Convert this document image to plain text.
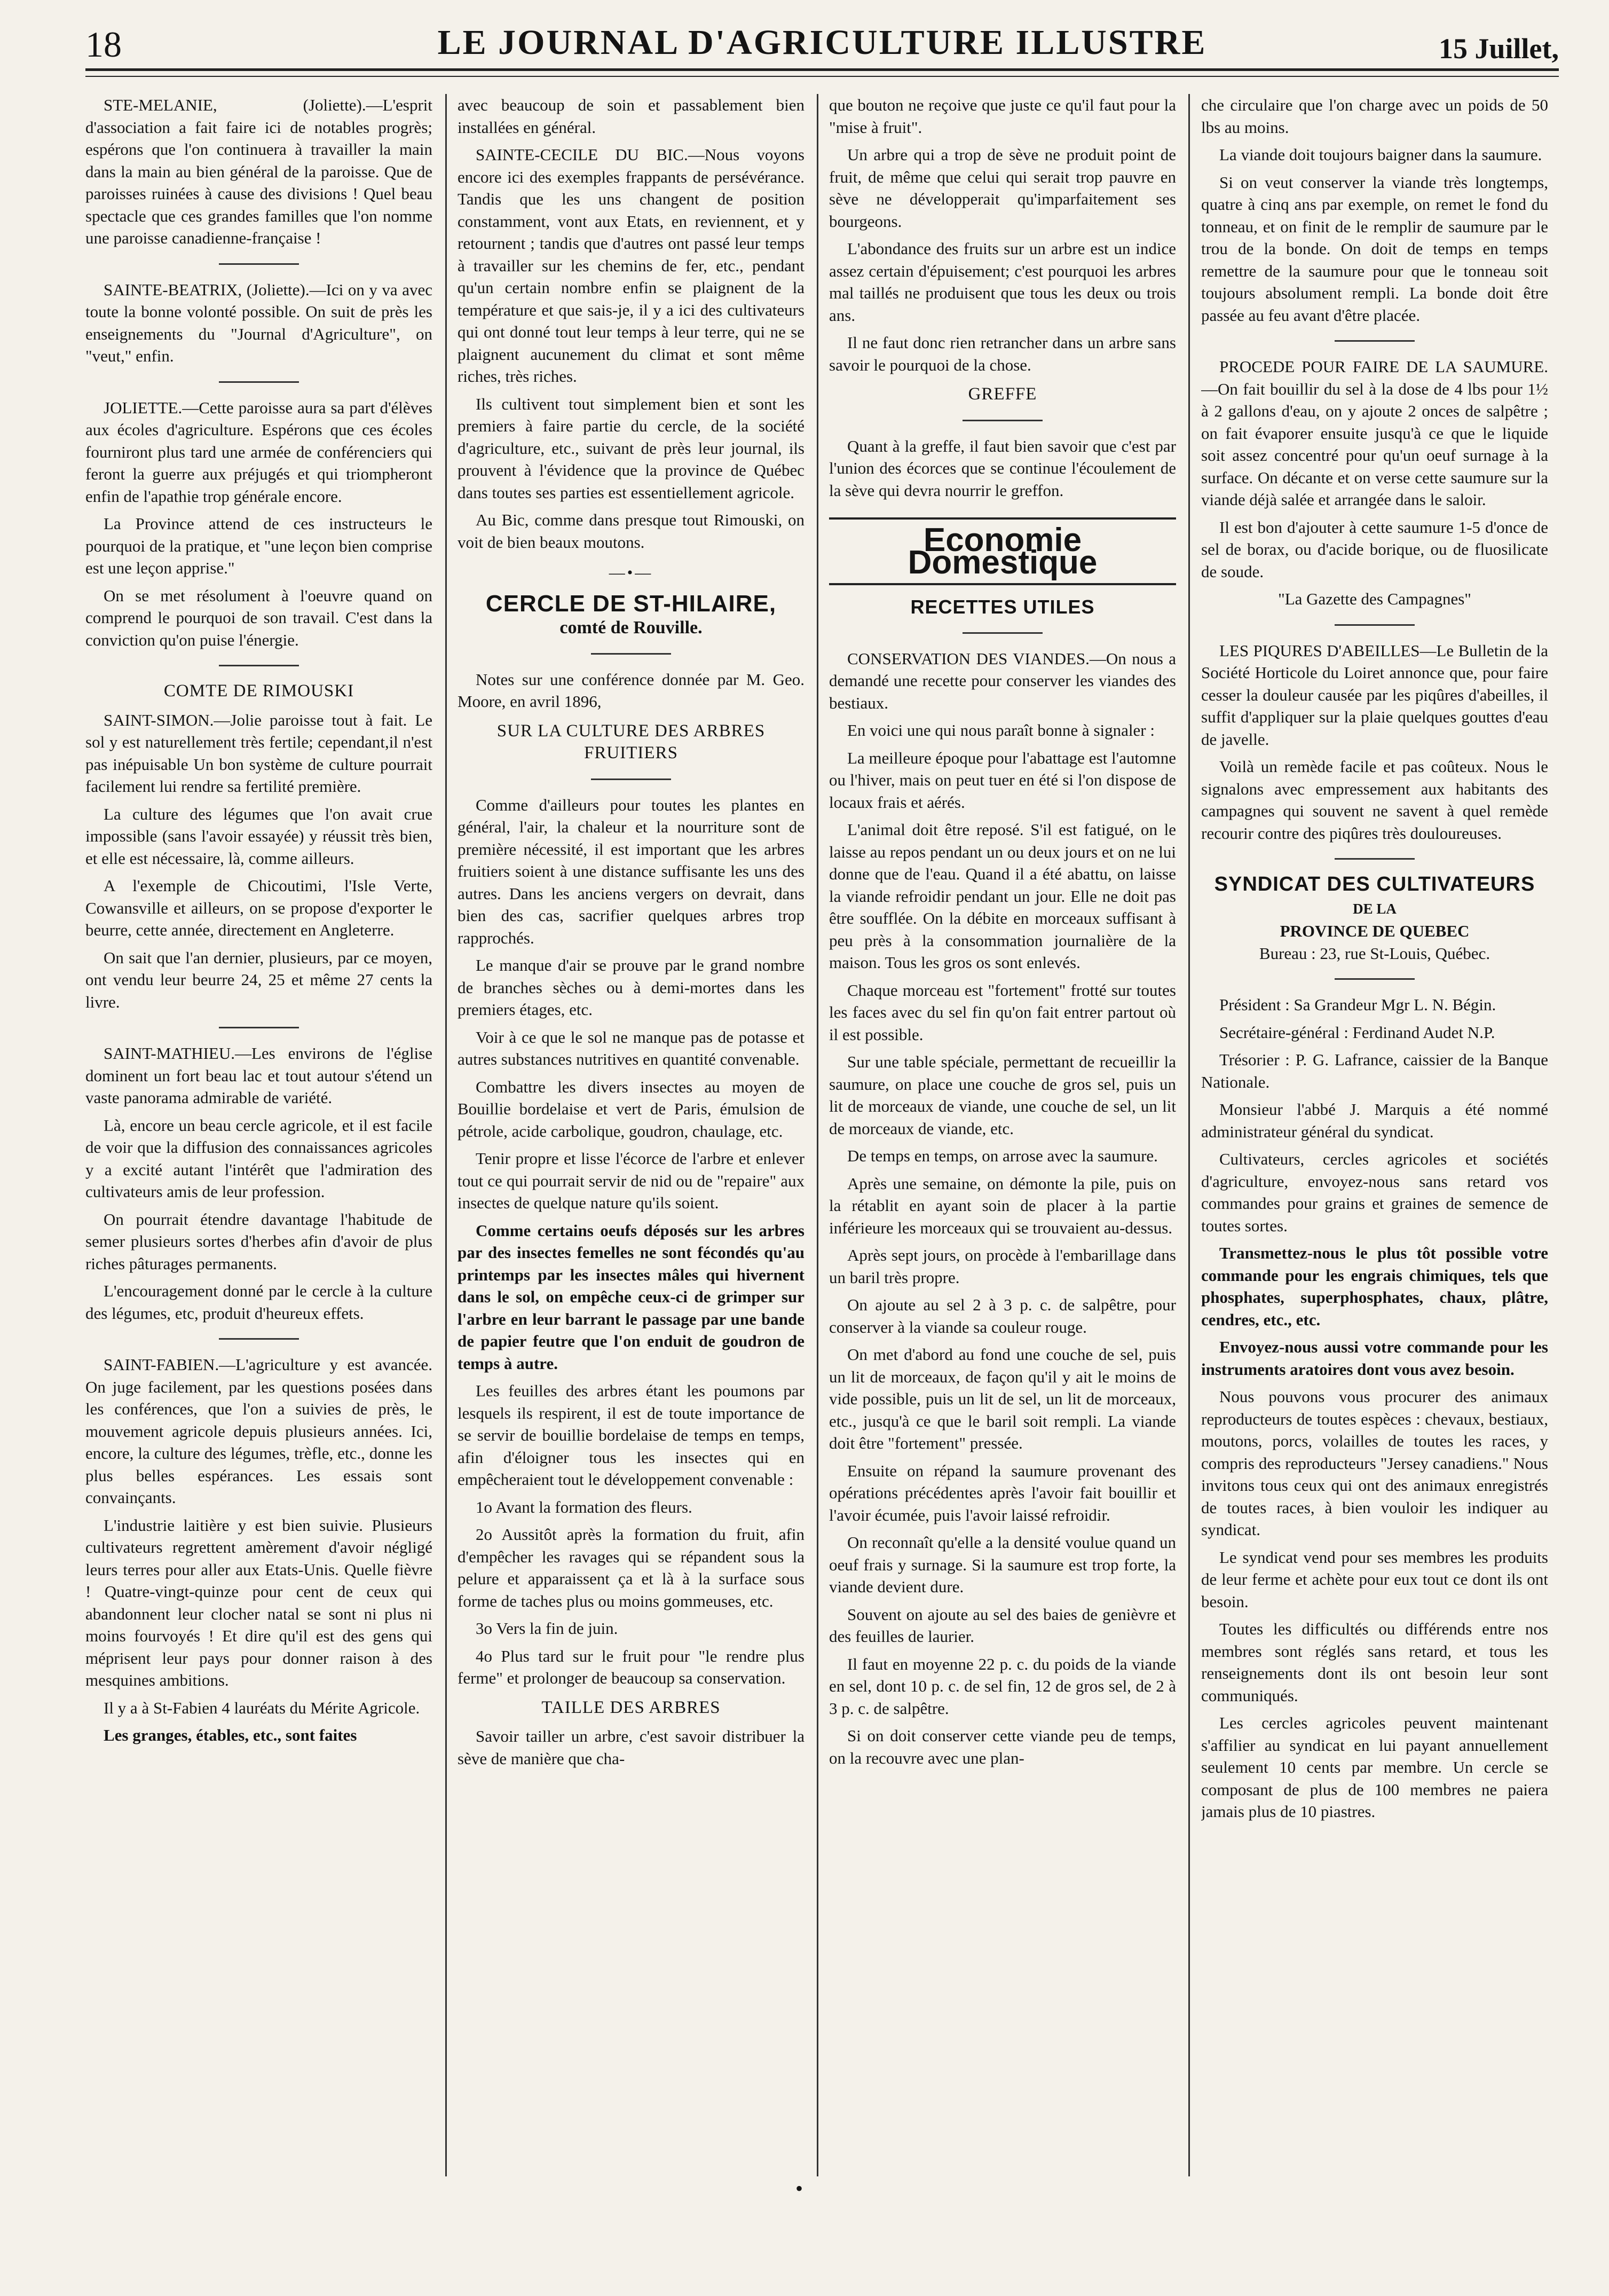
18	LE JOURNAL D'AGRICULTURE ILLUSTRE	15 Juillet,

STE-MELANIE, (Joliette).—L'esprit d'association a fait faire ici de notables progrès; espérons que l'on continuera à travailler la main dans la main au bien général de la paroisse. Que de paroisses ruinées à cause des divisions ! Quel beau spectacle que ces grandes familles que l'on nomme une paroisse canadienne-française !

SAINTE-BEATRIX, (Joliette).—Ici on y va avec toute la bonne volonté possible. On suit de près les enseignements du "Journal d'Agriculture", on "veut," enfin.

JOLIETTE.—Cette paroisse aura sa part d'élèves aux écoles d'agriculture. Espérons que ces écoles fourniront plus tard une armée de conférenciers qui feront la guerre aux préjugés et qui triompheront enfin de l'apathie trop générale encore.

La Province attend de ces instructeurs le pourquoi de la pratique, et "une leçon bien comprise est une leçon apprise."

On se met résolument à l'oeuvre quand on comprend le pourquoi de son travail. C'est dans la conviction qu'on puise l'énergie.

COMTE DE RIMOUSKI

SAINT-SIMON.—Jolie paroisse tout à fait. Le sol y est naturellement très fertile; cependant,il n'est pas inépuisable Un bon système de culture pourrait facilement lui rendre sa fertilité première.

La culture des légumes que l'on avait crue impossible (sans l'avoir essayée) y réussit très bien, et elle est nécessaire, là, comme ailleurs.

A l'exemple de Chicoutimi, l'Isle Verte, Cowansville et ailleurs, on se propose d'exporter le beurre, cette année, directement en Angleterre.

On sait que l'an dernier, plusieurs, par ce moyen, ont vendu leur beurre 24, 25 et même 27 cents la livre.

SAINT-MATHIEU.—Les environs de l'église dominent un fort beau lac et tout autour s'étend un vaste panorama admirable de variété.

Là, encore un beau cercle agricole, et il est facile de voir que la diffusion des connaissances agricoles y a excité autant l'intérêt que l'admiration des cultivateurs amis de leur profession.

On pourrait étendre davantage l'habitude de semer plusieurs sortes d'herbes afin d'avoir de plus riches pâturages permanents.

L'encouragement donné par le cercle à la culture des légumes, etc, produit d'heureux effets.

SAINT-FABIEN.—L'agriculture y est avancée. On juge facilement, par les questions posées dans les conférences, que l'on a suivies de près, le mouvement agricole depuis plusieurs années. Ici, encore, la culture des légumes, trèfle, etc., donne les plus belles espérances. Les essais sont convainçants.

L'industrie laitière y est bien suivie. Plusieurs cultivateurs regrettent amèrement d'avoir négligé leurs terres pour aller aux Etats-Unis. Quelle fièvre ! Quatre-vingt-quinze pour cent de ceux qui abandonnent leur clocher natal se sont ni plus ni moins fourvoyés ! Et dire qu'il est des gens qui méprisent leur pays pour donner raison à des mesquines ambitions.

Il y a à St-Fabien 4 lauréats du Mérite Agricole.

Les granges, étables, etc., sont faites

avec beaucoup de soin et passablement bien installées en général.

SAINTE-CECILE DU BIC.—Nous voyons encore ici des exemples frappants de persévérance. Tandis que les uns changent de position constamment, vont aux Etats, en reviennent, et y retournent ; tandis que d'autres ont passé leur temps à travailler sur les chemins de fer, etc., pendant qu'un certain nombre enfin se plaignent de la température et que sais-je, il y a ici des cultivateurs qui ont donné tout leur temps à leur terre, qui ne se plaignent aucunement du climat et sont même riches, très riches.

Ils cultivent tout simplement bien et sont les premiers à faire partie du cercle, de la société d'agriculture, etc., suivant de près leur journal, ils prouvent à l'évidence que la province de Québec dans toutes ses parties est essentiellement agricole.

Au Bic, comme dans presque tout Rimouski, on voit de bien beaux moutons.

—•—
CERCLE DE ST-HILAIRE,
comté de Rouville.

Notes sur une conférence donnée par M. Geo. Moore, en avril 1896,

SUR LA CULTURE DES ARBRES FRUITIERS

Comme d'ailleurs pour toutes les plantes en général, l'air, la chaleur et la nourriture sont de première nécessité, il est important que les arbres fruitiers soient à une distance suffisante les uns des autres. Dans les anciens vergers on devrait, dans bien des cas, sacrifier quelques arbres trop rapprochés.

Le manque d'air se prouve par le grand nombre de branches sèches ou à demi-mortes dans les premiers étages, etc.

Voir à ce que le sol ne manque pas de potasse et autres substances nutritives en quantité convenable.

Combattre les divers insectes au moyen de Bouillie bordelaise et vert de Paris, émulsion de pétrole, acide carbolique, goudron, chaulage, etc.

Tenir propre et lisse l'écorce de l'arbre et enlever tout ce qui pourrait servir de nid ou de "repaire" aux insectes de quelque nature qu'ils soient.

Comme certains oeufs déposés sur les arbres par des insectes femelles ne sont fécondés qu'au printemps par les insectes mâles qui hivernent dans le sol, on empêche ceux-ci de grimper sur l'arbre en leur barrant le passage par une bande de papier feutre que l'on enduit de goudron de temps à autre.

Les feuilles des arbres étant les poumons par lesquels ils respirent, il est de toute importance de se servir de bouillie bordelaise de temps en temps, afin d'éloigner tous les insectes qui en empêcheraient tout le développement convenable :

1o Avant la formation des fleurs.

2o Aussitôt après la formation du fruit, afin d'empêcher les ravages qui se répandent sous la pelure et apparaissent ça et là à la surface sous forme de taches plus ou moins gommeuses, etc.

3o Vers la fin de juin.

4o Plus tard sur le fruit pour "le rendre plus ferme" et prolonger de beaucoup sa conservation.

TAILLE DES ARBRES

Savoir tailler un arbre, c'est savoir distribuer la sève de manière que cha-

que bouton ne reçoive que juste ce qu'il faut pour la "mise à fruit".

Un arbre qui a trop de sève ne produit point de fruit, de même que celui qui serait trop pauvre en sève ne développerait qu'imparfaitement ses bourgeons.

L'abondance des fruits sur un arbre est un indice assez certain d'épuisement; c'est pourquoi les arbres mal taillés ne produisent que tous les deux ou trois ans.

Il ne faut donc rien retrancher dans un arbre sans savoir le pourquoi de la chose.

GREFFE

Quant à la greffe, il faut bien savoir que c'est par l'union des écorces que se continue l'écoulement de la sève qui devra nourrir le greffon.

Economie Domestique
RECETTES UTILES

CONSERVATION DES VIANDES.—On nous a demandé une recette pour conserver les viandes des bestiaux.

En voici une qui nous paraît bonne à signaler :

La meilleure époque pour l'abattage est l'automne ou l'hiver, mais on peut tuer en été si l'on dispose de locaux frais et aérés.

L'animal doit être reposé. S'il est fatigué, on le laisse au repos pendant un ou deux jours et on ne lui donne que de l'eau. Quand il a été abattu, on laisse la viande refroidir pendant un jour. Elle ne doit pas être soufflée. On la débite en morceaux suffisant à peu près à la consommation journalière de la maison. Tous les gros os sont enlevés.

Chaque morceau est "fortement" frotté sur toutes les faces avec du sel fin qu'on fait entrer partout où il est possible.

Sur une table spéciale, permettant de recueillir la saumure, on place une couche de gros sel, puis un lit de morceaux de viande, une couche de sel, un lit de morceaux de viande, etc.

De temps en temps, on arrose avec la saumure.

Après une semaine, on démonte la pile, puis on la rétablit en ayant soin de placer à la partie inférieure les morceaux qui se trouvaient au-dessus.

Après sept jours, on procède à l'embarillage dans un baril très propre.

On ajoute au sel 2 à 3 p. c. de salpêtre, pour conserver à la viande sa couleur rouge.

On met d'abord au fond une couche de sel, puis un lit de morceaux, de façon qu'il y ait le moins de vide possible, puis un lit de sel, un lit de morceaux, etc., jusqu'à ce que le baril soit rempli. La viande doit être "fortement" pressée.

Ensuite on répand la saumure provenant des opérations précédentes après l'avoir fait bouillir et l'avoir écumée, puis l'avoir laissé refroidir.

On reconnaît qu'elle a la densité voulue quand un oeuf frais y surnage. Si la saumure est trop forte, la viande devient dure.

Souvent on ajoute au sel des baies de genièvre et des feuilles de laurier.

Il faut en moyenne 22 p. c. du poids de la viande en sel, dont 10 p. c. de sel fin, 12 de gros sel, de 2 à 3 p. c. de salpêtre.

Si on doit conserver cette viande peu de temps, on la recouvre avec une plan-

che circulaire que l'on charge avec un poids de 50 lbs au moins.

La viande doit toujours baigner dans la saumure.

Si on veut conserver la viande très longtemps, quatre à cinq ans par exemple, on remet le fond du tonneau, et on finit de le remplir de saumure par le trou de la bonde. On doit de temps en temps remettre de la saumure pour que le tonneau soit toujours absolument rempli. La bonde doit être passée au feu avant d'être placée.

PROCEDE POUR FAIRE DE LA SAUMURE.—On fait bouillir du sel à la dose de 4 lbs pour 1½ à 2 gallons d'eau, on y ajoute 2 onces de salpêtre ; on fait évaporer ensuite jusqu'à ce que le liquide soit assez concentré pour qu'un oeuf surnage à la surface. On décante et on verse cette saumure sur la viande déjà salée et arrangée dans le saloir.

Il est bon d'ajouter à cette saumure 1-5 d'once de sel de borax, ou d'acide borique, ou de fluosilicate de soude.

"La Gazette des Campagnes"

LES PIQURES D'ABEILLES—Le Bulletin de la Société Horticole du Loiret annonce que, pour faire cesser la douleur causée par les piqûres d'abeilles, il suffit d'appliquer sur la plaie quelques gouttes d'eau de javelle.

Voilà un remède facile et pas coûteux. Nous le signalons avec empressement aux habitants des campagnes qui souvent ne savent à quel remède recourir contre des piqûres très douloureuses.

SYNDICAT DES CULTIVATEURS
DE LA
PROVINCE DE QUEBEC

Bureau : 23, rue St-Louis, Québec.

Président : Sa Grandeur Mgr L. N. Bégin.

Secrétaire-général : Ferdinand Audet N.P.

Trésorier : P. G. Lafrance, caissier de la Banque Nationale.

Monsieur l'abbé J. Marquis a été nommé administrateur général du syndicat.

Cultivateurs, cercles agricoles et sociétés d'agriculture, envoyez-nous sans retard vos commandes pour grains et graines de semence de toutes sortes.

Transmettez-nous le plus tôt possible votre commande pour les engrais chimiques, tels que phosphates, superphosphates, chaux, plâtre, cendres, etc., etc.

Envoyez-nous aussi votre commande pour les instruments aratoires dont vous avez besoin.

Nous pouvons vous procurer des animaux reproducteurs de toutes espèces : chevaux, bestiaux, moutons, porcs, volailles de toutes les races, y compris des reproducteurs "Jersey canadiens." Nous invitons tous ceux qui ont des animaux enregistrés de toutes races, à bien vouloir les indiquer au syndicat.

Le syndicat vend pour ses membres les produits de leur ferme et achète pour eux tout ce dont ils ont besoin.

Toutes les difficultés ou différends entre nos membres sont réglés sans retard, et tous les renseignements dont ils ont besoin leur sont communiqués.

Les cercles agricoles peuvent maintenant s'affilier au syndicat en lui payant annuellement seulement 10 cents par membre. Un cercle se composant de plus de 100 membres ne paiera jamais plus de 10 piastres.

•
